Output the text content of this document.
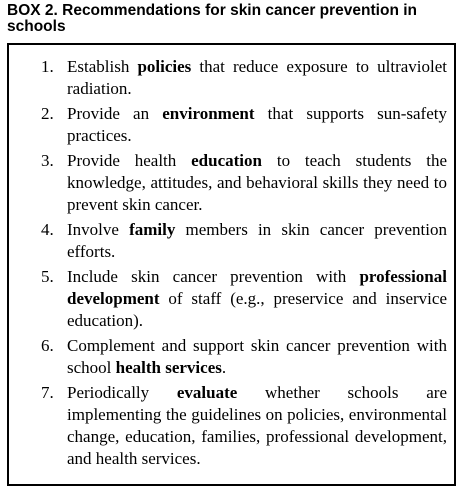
BOX 2. Recommendations for skin cancer prevention in schools
1. Establish policies that reduce exposure to ultraviolet radiation.
2. Provide an environment that supports sun-safety practices.
3. Provide health education to teach students the knowledge, attitudes, and behavioral skills they need to prevent skin cancer.
4. Involve family members in skin cancer prevention efforts.
5. Include skin cancer prevention with professional development of staff (e.g., preservice and inservice education).
6. Complement and support skin cancer prevention with school health services.
7. Periodically evaluate whether schools are implementing the guidelines on policies, environmental change, education, families, professional development, and health services.
